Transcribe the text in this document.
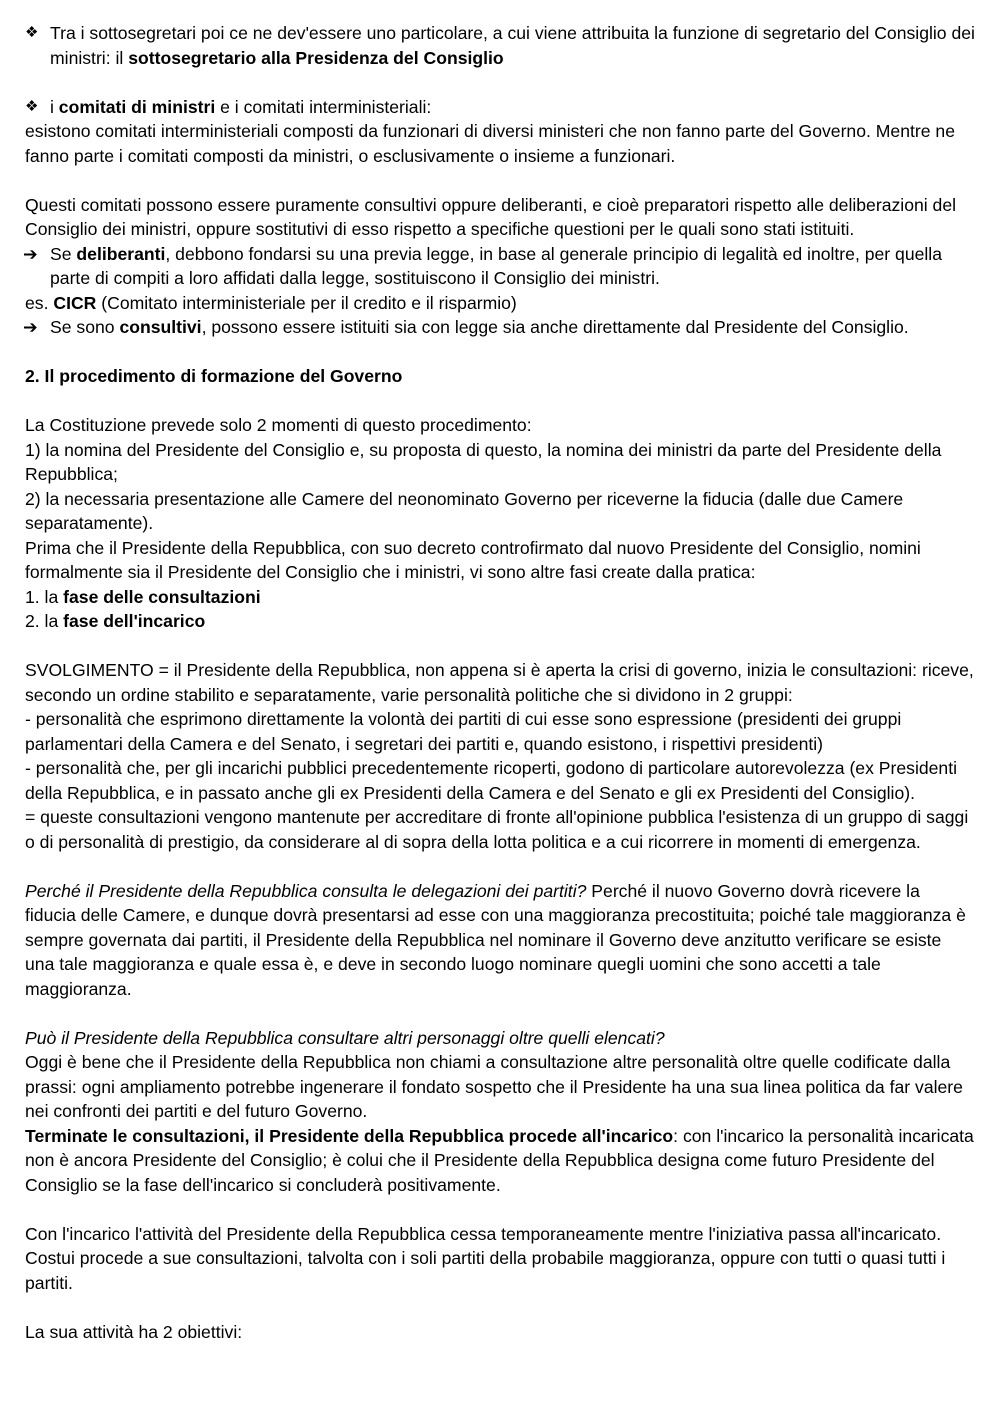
❖ Tra i sottosegretari poi ce ne dev'essere uno particolare, a cui viene attribuita la funzione di segretario del Consiglio dei ministri: il sottosegretario alla Presidenza del Consiglio

❖ i comitati di ministri e i comitati interministeriali:

esistono comitati interministeriali composti da funzionari di diversi ministeri che non fanno parte del Governo. Mentre ne fanno parte i comitati composti da ministri, o esclusivamente o insieme a funzionari.

Questi comitati possono essere puramente consultivi oppure deliberanti, e cioè preparatori rispetto alle deliberazioni del Consiglio dei ministri, oppure sostitutivi di esso rispetto a specifiche questioni per le quali sono stati istituiti.

➔ Se deliberanti, debbono fondarsi su una previa legge, in base al generale principio di legalità ed inoltre, per quella parte di compiti a loro affidati dalla legge, sostituiscono il Consiglio dei ministri.

es. CICR (Comitato interministeriale per il credito e il risparmio)

➔ Se sono consultivi, possono essere istituiti sia con legge sia anche direttamente dal Presidente del Consiglio.

2. Il procedimento di formazione del Governo

La Costituzione prevede solo 2 momenti di questo procedimento:

1) la nomina del Presidente del Consiglio e, su proposta di questo, la nomina dei ministri da parte del Presidente della Repubblica;

2) la necessaria presentazione alle Camere del neonominato Governo per riceverne la fiducia (dalle due Camere separatamente).

Prima che il Presidente della Repubblica, con suo decreto controfirmato dal nuovo Presidente del Consiglio, nomini formalmente sia il Presidente del Consiglio che i ministri, vi sono altre fasi create dalla pratica:

1. la fase delle consultazioni

2. la fase dell'incarico

SVOLGIMENTO = il Presidente della Repubblica, non appena si è aperta la crisi di governo, inizia le consultazioni: riceve, secondo un ordine stabilito e separatamente, varie personalità politiche che si dividono in 2 gruppi:

- personalità che esprimono direttamente la volontà dei partiti di cui esse sono espressione (presidenti dei gruppi parlamentari della Camera e del Senato, i segretari dei partiti e, quando esistono, i rispettivi presidenti)

- personalità che, per gli incarichi pubblici precedentemente ricoperti, godono di particolare autorevolezza (ex Presidenti della Repubblica, e in passato anche gli ex Presidenti della Camera e del Senato e gli ex Presidenti del Consiglio).

= queste consultazioni vengono mantenute per accreditare di fronte all'opinione pubblica l'esistenza di un gruppo di saggi o di personalità di prestigio, da considerare al di sopra della lotta politica e a cui ricorrere in momenti di emergenza.

Perché il Presidente della Repubblica consulta le delegazioni dei partiti? Perché il nuovo Governo dovrà ricevere la fiducia delle Camere, e dunque dovrà presentarsi ad esse con una maggioranza precostituita; poiché tale maggioranza è sempre governata dai partiti, il Presidente della Repubblica nel nominare il Governo deve anzitutto verificare se esiste una tale maggioranza e quale essa è, e deve in secondo luogo nominare quegli uomini che sono accetti a tale maggioranza.

Può il Presidente della Repubblica consultare altri personaggi oltre quelli elencati?

Oggi è bene che il Presidente della Repubblica non chiami a consultazione altre personalità oltre quelle codificate dalla prassi: ogni ampliamento potrebbe ingenerare il fondato sospetto che il Presidente ha una sua linea politica da far valere nei confronti dei partiti e del futuro Governo.

Terminate le consultazioni, il Presidente della Repubblica procede all'incarico: con l'incarico la personalità incaricata non è ancora Presidente del Consiglio; è colui che il Presidente della Repubblica designa come futuro Presidente del Consiglio se la fase dell'incarico si concluderà positivamente.

Con l'incarico l'attività del Presidente della Repubblica cessa temporaneamente mentre l'iniziativa passa all'incaricato. Costui procede a sue consultazioni, talvolta con i soli partiti della probabile maggioranza, oppure con tutti o quasi tutti i partiti.

La sua attività ha 2 obiettivi:
